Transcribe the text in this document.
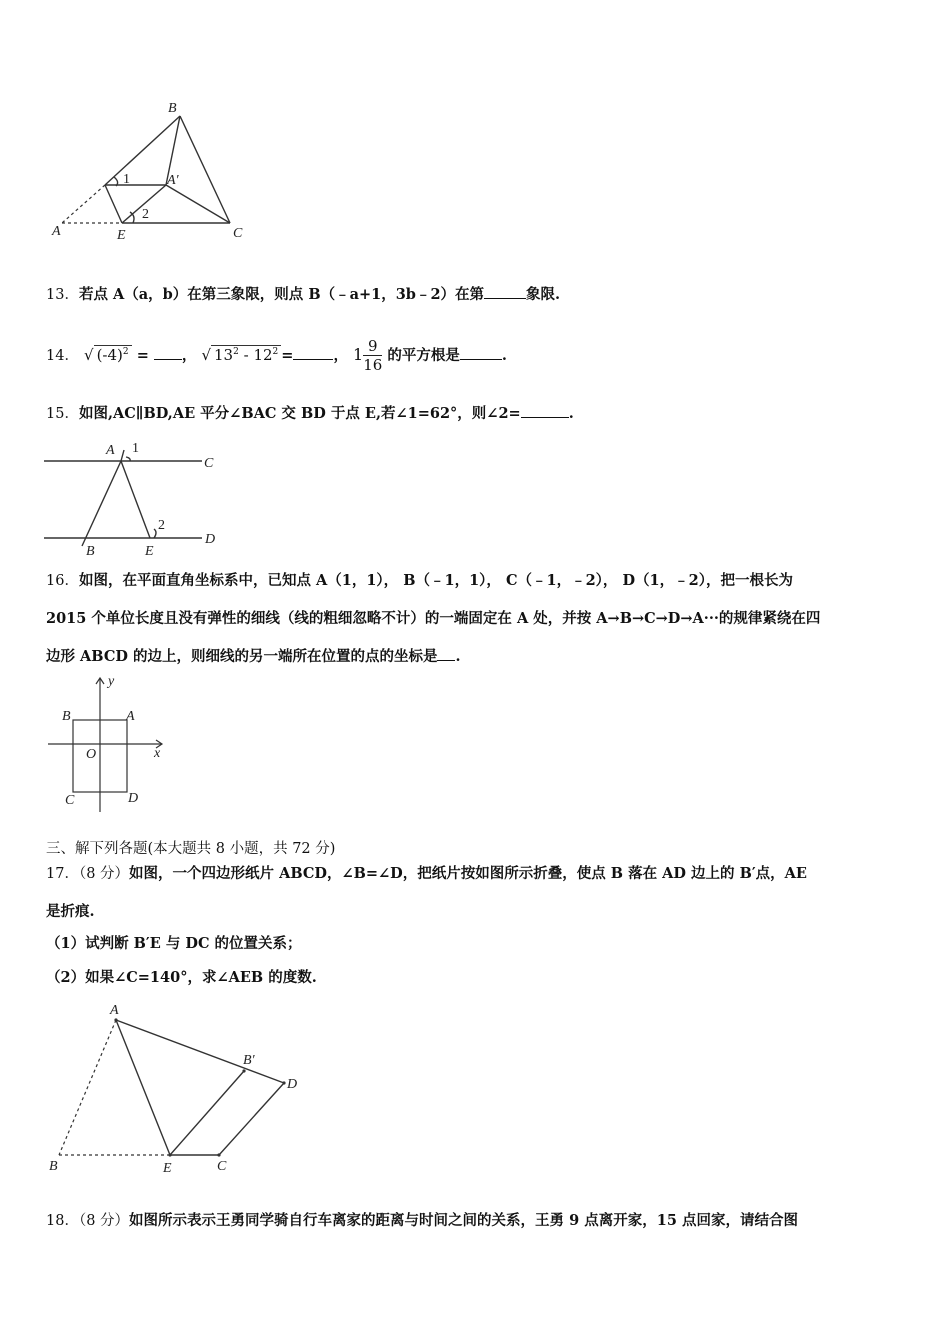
B
A′
1
2
A	E	C
13．若点 A（a，b）在第三象限，则点 B（﹣a+1，3b﹣2）在第	象限.
14． √ $(-4)^2$ = ， √ $13^2 - 12^2$ =	， $1 \frac{9}{16}$ 的平方根是	.
15．如图,AC∥BD,AE 平分∠BAC 交 BD 于点 E,若∠1=62°，则∠2=	.
A 1
C
2
B	E
D
16．如图，在平面直角坐标系中，已知点 A（1，1）， B（﹣1，1）， C（﹣1，﹣2）， D（1，﹣2），把一根长为
2015 个单位长度且没有弹性的细线（线的粗细忽略不计）的一端固定在 A 处，并按 A→B→C→D→A···的规律紧绕在四
边形 ABCD 的边上，则细线的另一端所在位置的点的坐标是 .
y
x
O
B	A
C	D
三、解下列各题(本大题共 8 小题，共 72 分)
17．（8 分）如图，一个四边形纸片 ABCD，∠B=∠D，把纸片按如图所示折叠，使点 B 落在 AD 边上的 B′点，AE
是折痕.
（1）试判断 B′E 与 DC 的位置关系；
（2）如果∠C=140°，求∠AEB 的度数.
A
B′
D
B	E	C
18．（8 分）如图所示表示王勇同学骑自行车离家的距离与时间之间的关系，王勇 9 点离开家，15 点回家，请结合图
